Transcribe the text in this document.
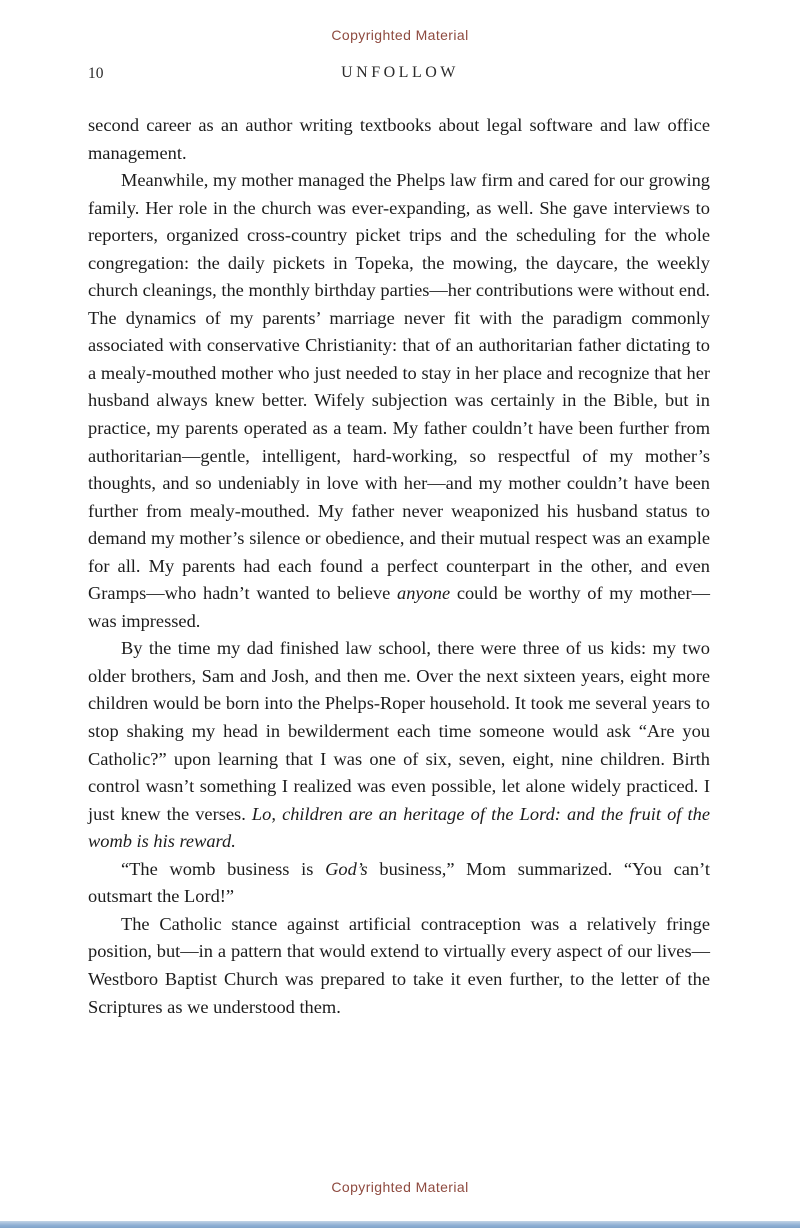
Copyrighted Material
10	UNFOLLOW

second career as an author writing textbooks about legal software and law office management.

Meanwhile, my mother managed the Phelps law firm and cared for our growing family. Her role in the church was ever-expanding, as well. She gave interviews to reporters, organized cross-country picket trips and the scheduling for the whole congregation: the daily pickets in Topeka, the mowing, the daycare, the weekly church cleanings, the monthly birthday parties—her contributions were without end. The dynamics of my parents’ marriage never fit with the paradigm commonly associated with conservative Christianity: that of an authoritarian father dictating to a mealy-mouthed mother who just needed to stay in her place and recognize that her husband always knew better. Wifely subjection was certainly in the Bible, but in practice, my parents operated as a team. My father couldn’t have been further from authoritarian—gentle, intelligent, hard-working, so respectful of my mother’s thoughts, and so undeniably in love with her—and my mother couldn’t have been further from mealy-mouthed. My father never weaponized his husband status to demand my mother’s silence or obedience, and their mutual respect was an example for all. My parents had each found a perfect counterpart in the other, and even Gramps—who hadn’t wanted to believe anyone could be worthy of my mother—was impressed.

By the time my dad finished law school, there were three of us kids: my two older brothers, Sam and Josh, and then me. Over the next sixteen years, eight more children would be born into the Phelps-Roper household. It took me several years to stop shaking my head in bewilderment each time someone would ask “Are you Catholic?” upon learning that I was one of six, seven, eight, nine children. Birth control wasn’t something I realized was even possible, let alone widely practiced. I just knew the verses. Lo, children are an heritage of the Lord: and the fruit of the womb is his reward.

“The womb business is God’s business,” Mom summarized. “You can’t outsmart the Lord!”

The Catholic stance against artificial contraception was a relatively fringe position, but—in a pattern that would extend to virtually every aspect of our lives—Westboro Baptist Church was prepared to take it even further, to the letter of the Scriptures as we understood them.

Copyrighted Material
